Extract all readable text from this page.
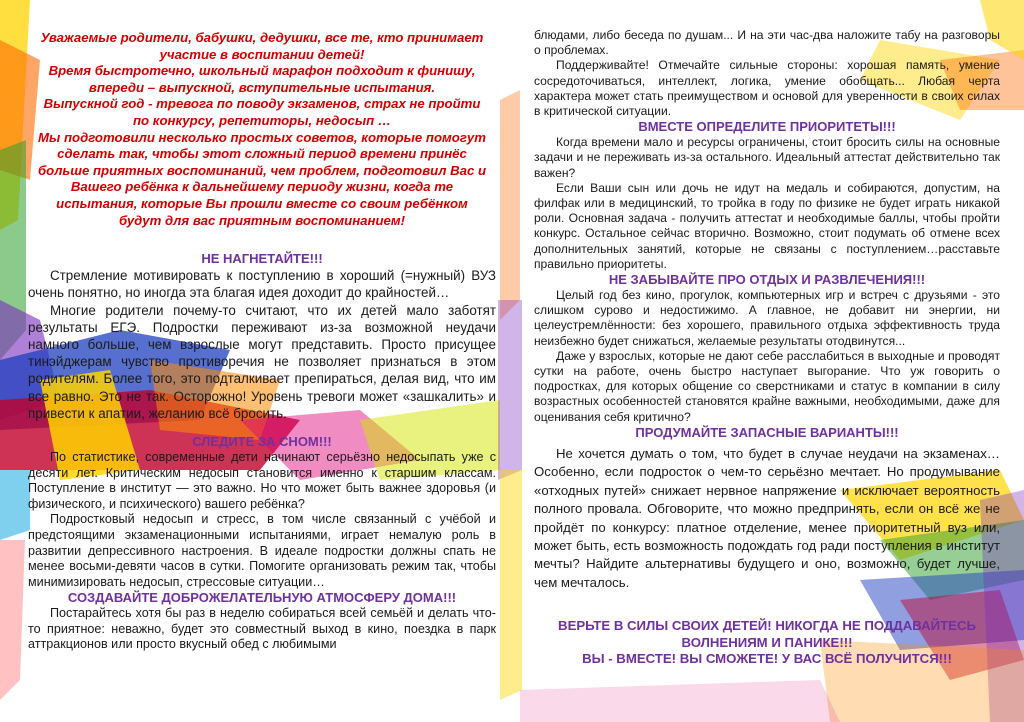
Уважаемые родители, бабушки, дедушки, все те, кто принимает участие в воспитании детей!

Время быстротечно, школьный марафон подходит к финишу, впереди – выпускной, вступительные испытания.

Выпускной год - тревога по поводу экзаменов, страх не пройти по конкурсу, репетиторы, недосып …

Мы подготовили несколько простых советов, которые помогут сделать так, чтобы этот сложный период времени принёс больше приятных воспоминаний, чем проблем, подготовил Вас и Вашего ребёнка к дальнейшему периоду жизни, когда те испытания, которые Вы прошли вместе со своим ребёнком будут для вас приятным воспоминанием!

НЕ НАГНЕТАЙТЕ!!!

Стремление мотивировать к поступлению в хороший (=нужный) ВУЗ очень понятно, но иногда эта благая идея доходит до крайностей…

Многие родители почему-то считают, что их детей мало заботят результаты ЕГЭ. Подростки переживают из-за возможной неудачи намного больше, чем взрослые могут представить. Просто присущее тинэйджерам чувство противоречия не позволяет признаться в этом родителям. Более того, это подталкивает препираться, делая вид, что им все равно. Это не так. Осторожно! Уровень тревоги может «зашкалить» и привести к апатии, желанию всё бросить.

СЛЕДИТЕ ЗА СНОМ!!!

По статистике, современные дети начинают серьёзно недосыпать уже с десяти лет. Критическим недосып становится именно к старшим классам. Поступление в институт — это важно. Но что может быть важнее здоровья (и физического, и психического) вашего ребёнка?

Подростковый недосып и стресс, в том числе связанный с учёбой и предстоящими экзаменационными испытаниями, играет немалую роль в развитии депрессивного настроения. В идеале подростки должны спать не менее восьми-девяти часов в сутки. Помогите организовать режим так, чтобы минимизировать недосып, стрессовые ситуации…

СОЗДАВАЙТЕ ДОБРОЖЕЛАТЕЛЬНУЮ АТМОСФЕРУ ДОМА!!!

Постарайтесь хотя бы раз в неделю собираться всей семьёй и делать что-то приятное: неважно, будет это совместный выход в кино, поездка в парк аттракционов или просто вкусный обед с любимыми

блюдами, либо беседа по душам... И на эти час-два наложите табу на разговоры о проблемах.

Поддерживайте! Отмечайте сильные стороны: хорошая память, умение сосредоточиваться, интеллект, логика, умение обобщать... Любая черта характера может стать преимуществом и основой для уверенности в своих силах в критической ситуации.

ВМЕСТЕ ОПРЕДЕЛИТЕ ПРИОРИТЕТЫ!!!

Когда времени мало и ресурсы ограничены, стоит бросить силы на основные задачи и не переживать из-за остального. Идеальный аттестат действительно так важен?

Если Ваши сын или дочь не идут на медаль и собираются, допустим, на филфак или в медицинский, то тройка в году по физике не будет играть никакой роли. Основная задача - получить аттестат и необходимые баллы, чтобы пройти конкурс. Остальное сейчас вторично. Возможно, стоит подумать об отмене всех дополнительных занятий, которые не связаны с поступлением…расставьте правильно приоритеты.

НЕ ЗАБЫВАЙТЕ ПРО ОТДЫХ И РАЗВЛЕЧЕНИЯ!!!

Целый год без кино, прогулок, компьютерных игр и встреч с друзьями - это слишком сурово и недостижимо. А главное, не добавит ни энергии, ни целеустремлённости: без хорошего, правильного отдыха эффективность труда неизбежно будет снижаться, желаемые результаты отодвинутся...

Даже у взрослых, которые не дают себе расслабиться в выходные и проводят сутки на работе, очень быстро наступает выгорание. Что уж говорить о подростках, для которых общение со сверстниками и статус в компании в силу возрастных особенностей становятся крайне важными, необходимыми, даже для оценивания себя критично?

ПРОДУМАЙТЕ ЗАПАСНЫЕ ВАРИАНТЫ!!!

Не хочется думать о том, что будет в случае неудачи на экзаменах… Особенно, если подросток о чем-то серьёзно мечтает. Но продумывание «отходных путей» снижает нервное напряжение и исключает вероятность полного провала. Обговорите, что можно предпринять, если он всё же не пройдёт по конкурсу: платное отделение, менее приоритетный вуз или, может быть, есть возможность подождать год ради поступления в институт мечты? Найдите альтернативы будущего и оно, возможно, будет лучше, чем мечталось.

ВЕРЬТЕ В СИЛЫ СВОИХ ДЕТЕЙ! НИКОГДА НЕ ПОДДАВАЙТЕСЬ ВОЛНЕНИЯМ И ПАНИКЕ!!!
ВЫ - ВМЕСТЕ! ВЫ СМОЖЕТЕ! У ВАС ВСЁ ПОЛУЧИТСЯ!!!
